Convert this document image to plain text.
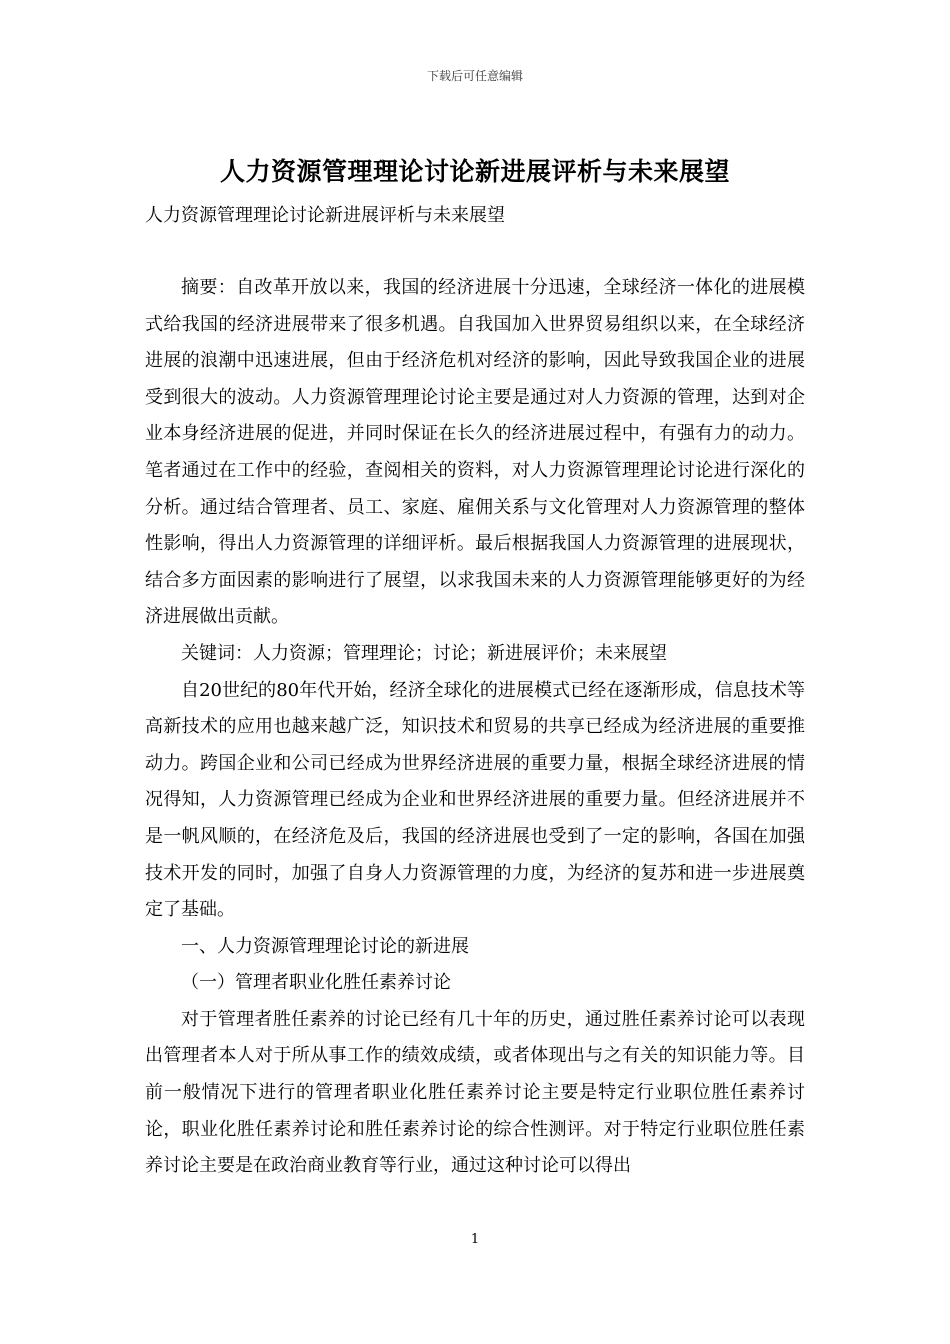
下载后可任意编辑
人力资源管理理论讨论新进展评析与未来展望
人力资源管理理论讨论新进展评析与未来展望

摘要：自改革开放以来，我国的经济进展十分迅速，全球经济一体化的进展模式给我国的经济进展带来了很多机遇。自我国加入世界贸易组织以来，在全球经济进展的浪潮中迅速进展，但由于经济危机对经济的影响，因此导致我国企业的进展受到很大的波动。人力资源管理理论讨论主要是通过对人力资源的管理，达到对企业本身经济进展的促进，并同时保证在长久的经济进展过程中，有强有力的动力。笔者通过在工作中的经验，查阅相关的资料，对人力资源管理理论讨论进行深化的分析。通过结合管理者、员工、家庭、雇佣关系与文化管理对人力资源管理的整体性影响，得出人力资源管理的详细评析。最后根据我国人力资源管理的进展现状，结合多方面因素的影响进行了展望，以求我国未来的人力资源管理能够更好的为经济进展做出贡献。

关键词：人力资源；管理理论；讨论；新进展评价；未来展望

自20世纪的80年代开始，经济全球化的进展模式已经在逐渐形成，信息技术等高新技术的应用也越来越广泛，知识技术和贸易的共享已经成为经济进展的重要推动力。跨国企业和公司已经成为世界经济进展的重要力量，根据全球经济进展的情况得知，人力资源管理已经成为企业和世界经济进展的重要力量。但经济进展并不是一帆风顺的，在经济危及后，我国的经济进展也受到了一定的影响，各国在加强技术开发的同时，加强了自身人力资源管理的力度，为经济的复苏和进一步进展奠定了基础。

一、人力资源管理理论讨论的新进展

（一）管理者职业化胜任素养讨论

对于管理者胜任素养的讨论已经有几十年的历史，通过胜任素养讨论可以表现出管理者本人对于所从事工作的绩效成绩，或者体现出与之有关的知识能力等。目前一般情况下进行的管理者职业化胜任素养讨论主要是特定行业职位胜任素养讨论，职业化胜任素养讨论和胜任素养讨论的综合性测评。对于特定行业职位胜任素养讨论主要是在政治商业教育等行业，通过这种讨论可以得出

1
